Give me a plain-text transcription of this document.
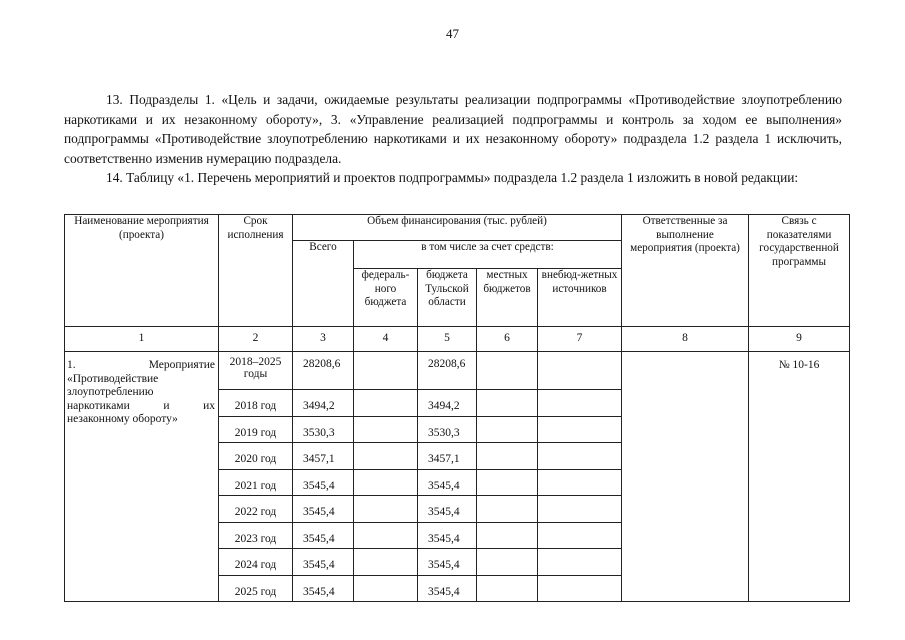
47

13. Подразделы 1. «Цель и задачи, ожидаемые результаты реализации подпрограммы «Противодействие злоупотреблению наркотиками и их незаконному обороту», 3. «Управление реализацией подпрограммы и контроль за ходом ее выполнения» подпрограммы «Противодействие злоупотреблению наркотиками и их незаконному обороту» подраздела 1.2 раздела 1 исключить, соответственно изменив нумерацию подраздела.

14. Таблицу «1. Перечень мероприятий и проектов подпрограммы» подраздела 1.2 раздела 1 изложить в новой редакции:

Наименование мероприятия (проекта)	Срок исполнения	Объем финансирования (тыс. рублей)					Ответственные за выполнение мероприятия (проекта)	Связь с показателями государственной программы
		Всего	в том числе за счет средств:					
			федераль-ного бюджета	бюджета Тульской области	местных бюджетов	внебюд-жетных источников		
1	2	3	4	5	6	7	8	9
1. Мероприятие «Противодействие злоупотреблению наркотиками и их незаконному обороту»	2018–2025 годы	28208,6		28208,6				№ 10-16
	2018 год	3494,2		3494,2				
	2019 год	3530,3		3530,3				
	2020 год	3457,1		3457,1				
	2021 год	3545,4		3545,4				
	2022 год	3545,4		3545,4				
	2023 год	3545,4		3545,4				
	2024 год	3545,4		3545,4				
	2025 год	3545,4		3545,4				
